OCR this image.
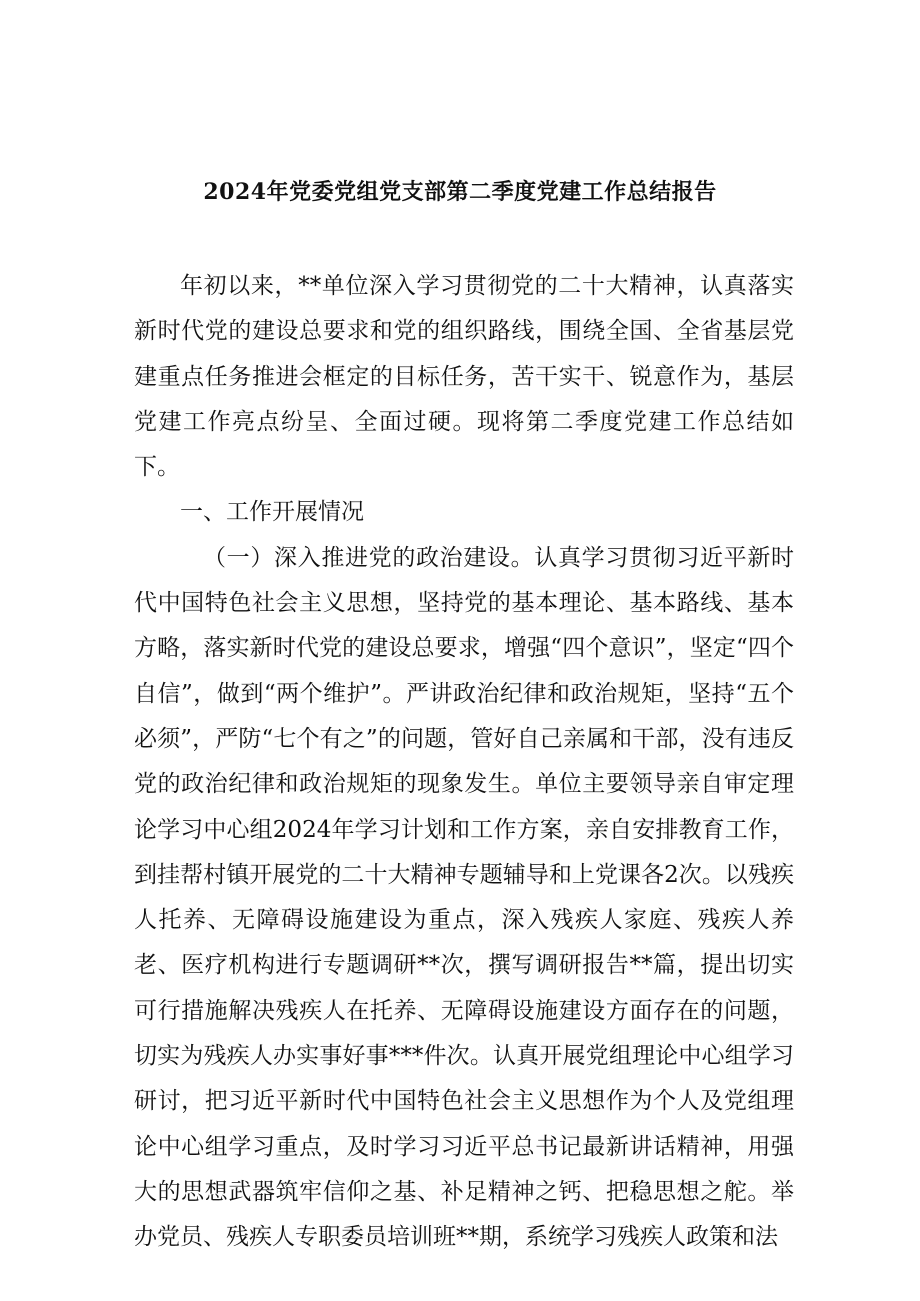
2024年党委党组党支部第二季度党建工作总结报告

年初以来，**单位深入学习贯彻党的二十大精神，认真落实新时代党的建设总要求和党的组织路线，围绕全国、全省基层党建重点任务推进会框定的目标任务，苦干实干、锐意作为，基层党建工作亮点纷呈、全面过硬。现将第二季度党建工作总结如下。

一、工作开展情况

（一）深入推进党的政治建设。认真学习贯彻习近平新时代中国特色社会主义思想，坚持党的基本理论、基本路线、基本方略，落实新时代党的建设总要求，增强“四个意识”，坚定“四个自信”，做到“两个维护”。严讲政治纪律和政治规矩，坚持“五个必须”，严防“七个有之”的问题，管好自己亲属和干部，没有违反党的政治纪律和政治规矩的现象发生。单位主要领导亲自审定理论学习中心组2024年学习计划和工作方案，亲自安排教育工作，到挂帮村镇开展党的二十大精神专题辅导和上党课各2次。以残疾人托养、无障碍设施建设为重点，深入残疾人家庭、残疾人养老、医疗机构进行专题调研**次，撰写调研报告**篇，提出切实可行措施解决残疾人在托养、无障碍设施建设方面存在的问题，切实为残疾人办实事好事***件次。认真开展党组理论中心组学习研讨，把习近平新时代中国特色社会主义思想作为个人及党组理论中心组学习重点，及时学习习近平总书记最新讲话精神，用强大的思想武器筑牢信仰之基、补足精神之钙、把稳思想之舵。举办党员、残疾人专职委员培训班**期，系统学习残疾人政策和法
